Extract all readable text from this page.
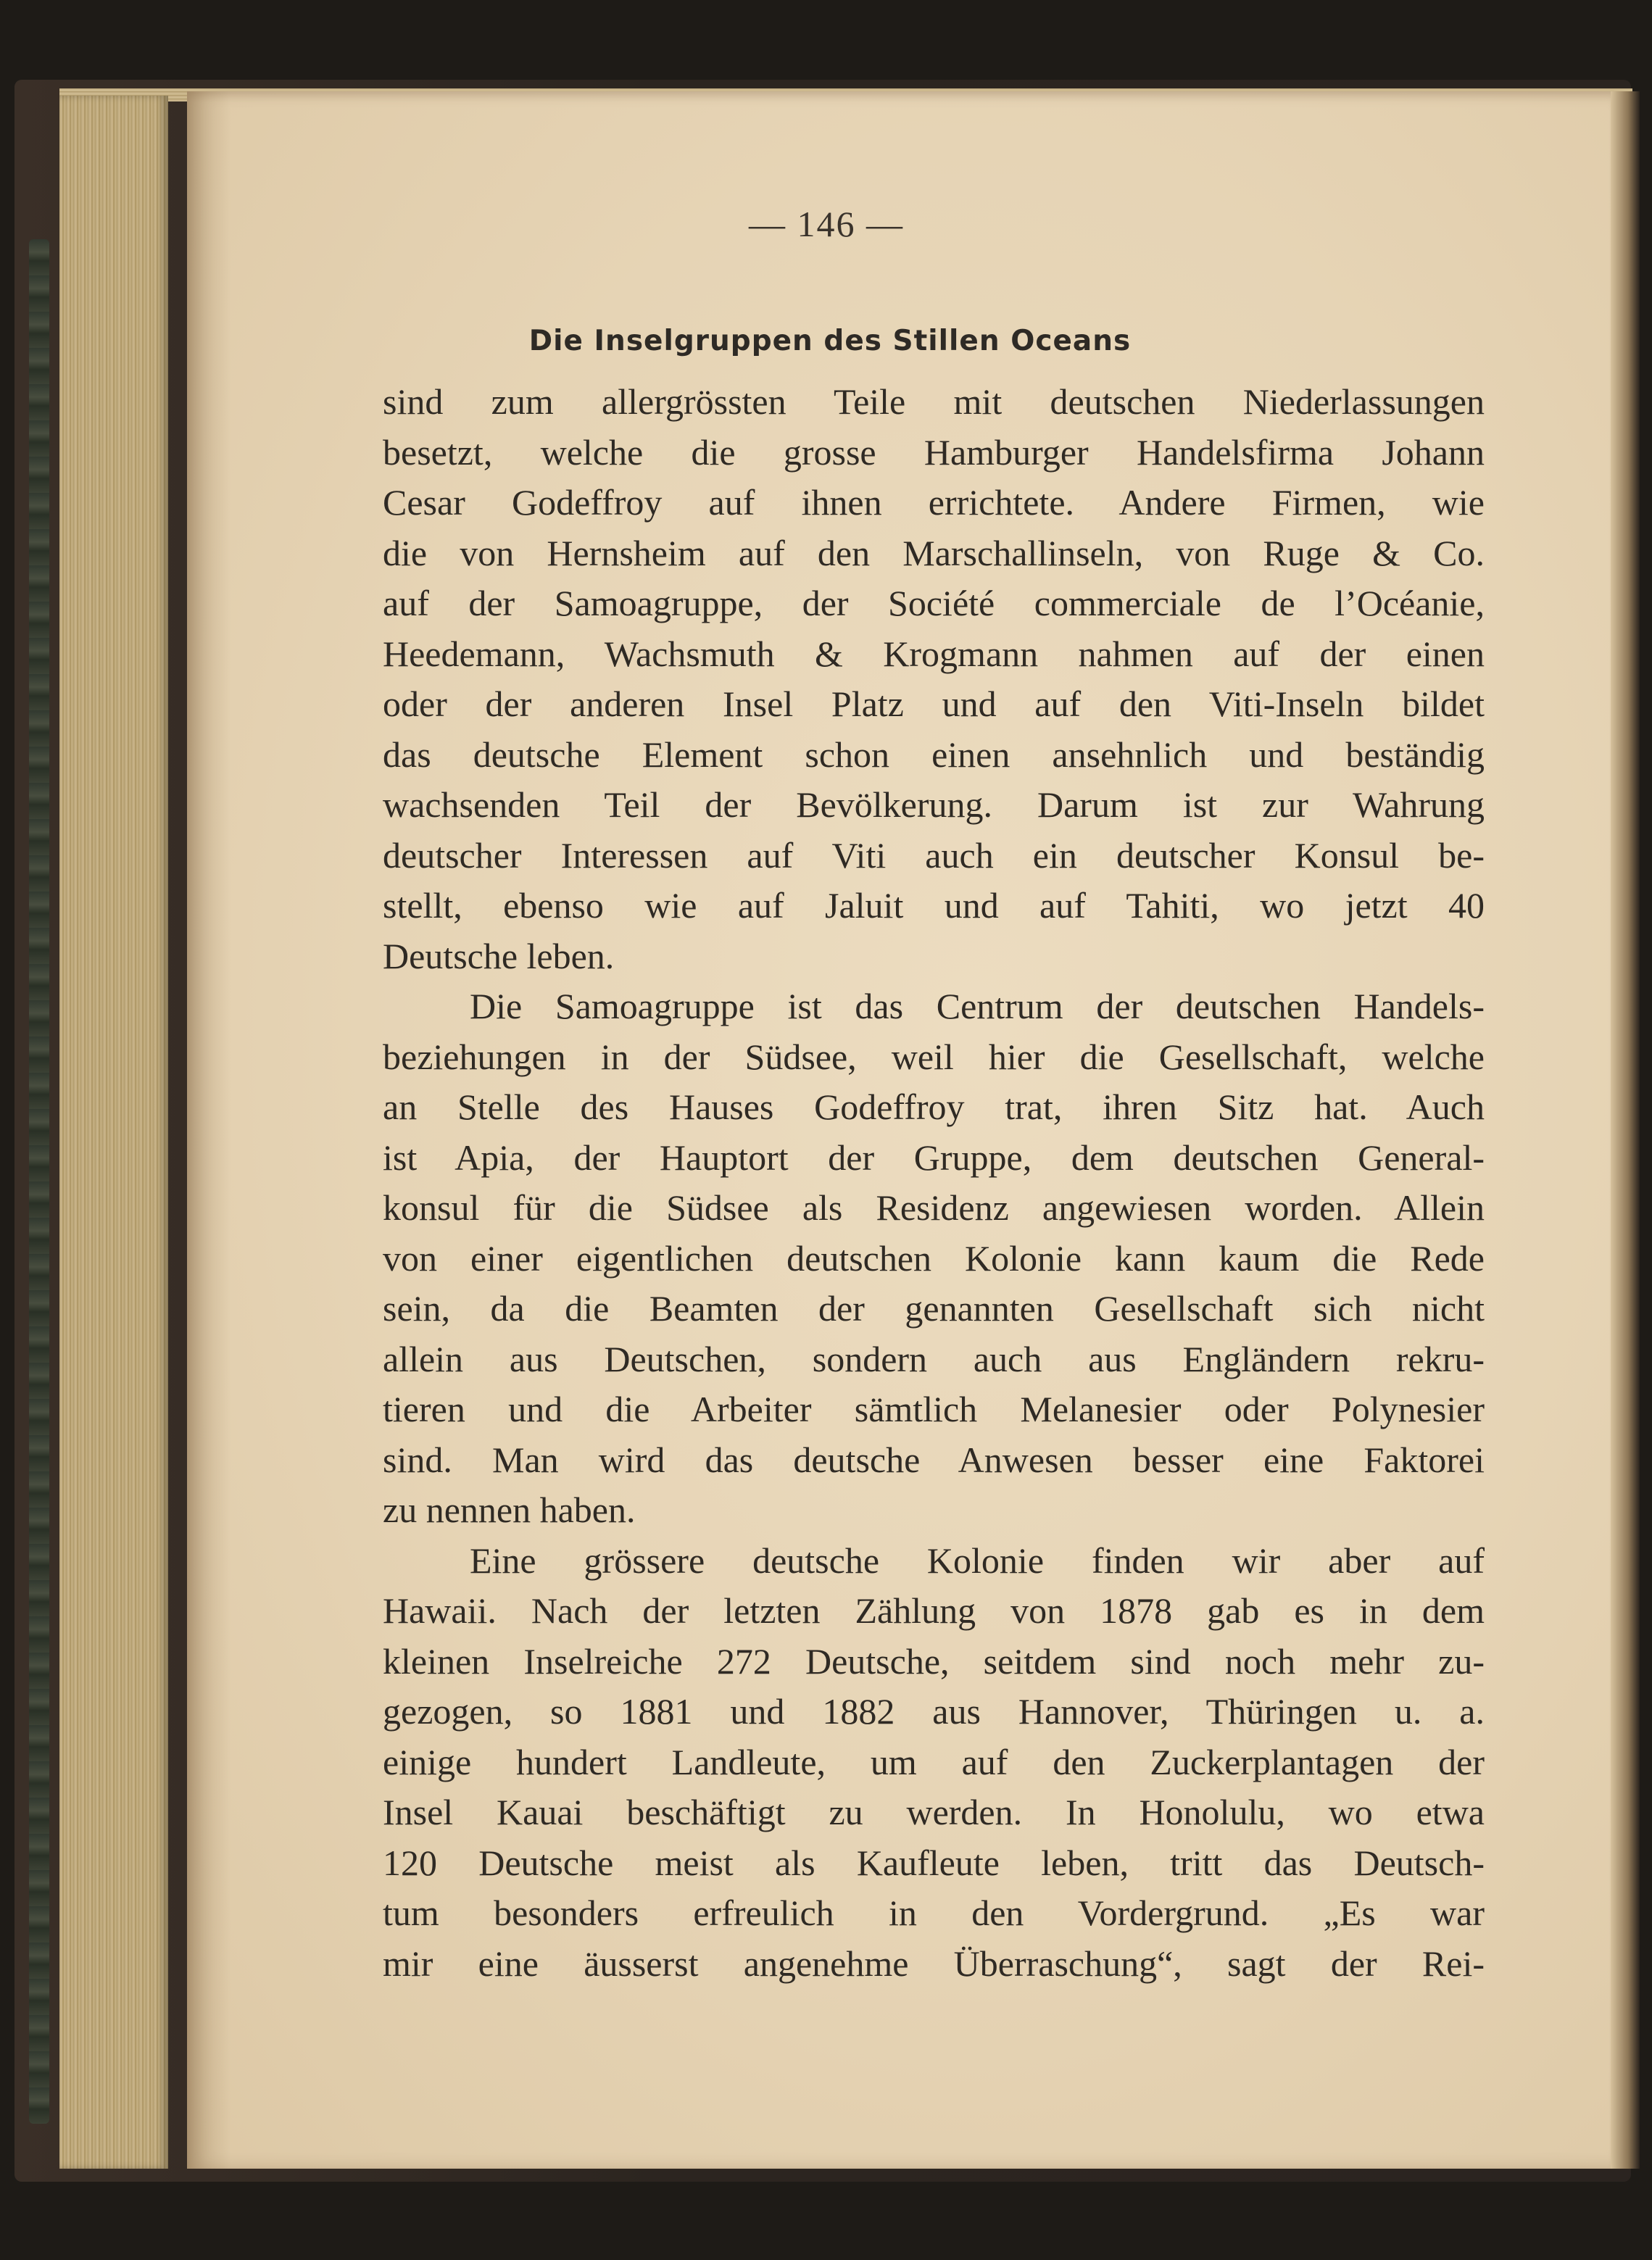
— 146 —
Die Inselgruppen des Stillen Oceans
sind zum allergrössten Teile mit deutschen Niederlassungen
besetzt, welche die grosse Hamburger Handelsfirma Johann
Cesar Godeffroy auf ihnen errichtete. Andere Firmen, wie
die von Hernsheim auf den Marschallinseln, von Ruge & Co.
auf der Samoagruppe, der Société commerciale de l’Océanie,
Heedemann, Wachsmuth & Krogmann nahmen auf der einen
oder der anderen Insel Platz und auf den Viti-Inseln bildet
das deutsche Element schon einen ansehnlich und beständig
wachsenden Teil der Bevölkerung. Darum ist zur Wahrung
deutscher Interessen auf Viti auch ein deutscher Konsul be-
stellt, ebenso wie auf Jaluit und auf Tahiti, wo jetzt 40
Deutsche leben.
Die Samoagruppe ist das Centrum der deutschen Handels-
beziehungen in der Südsee, weil hier die Gesellschaft, welche
an Stelle des Hauses Godeffroy trat, ihren Sitz hat. Auch
ist Apia, der Hauptort der Gruppe, dem deutschen General-
konsul für die Südsee als Residenz angewiesen worden. Allein
von einer eigentlichen deutschen Kolonie kann kaum die Rede
sein, da die Beamten der genannten Gesellschaft sich nicht
allein aus Deutschen, sondern auch aus Engländern rekru-
tieren und die Arbeiter sämtlich Melanesier oder Polynesier
sind. Man wird das deutsche Anwesen besser eine Faktorei
zu nennen haben.
Eine grössere deutsche Kolonie finden wir aber auf
Hawaii. Nach der letzten Zählung von 1878 gab es in dem
kleinen Inselreiche 272 Deutsche, seitdem sind noch mehr zu-
gezogen, so 1881 und 1882 aus Hannover, Thüringen u. a.
einige hundert Landleute, um auf den Zuckerplantagen der
Insel Kauai beschäftigt zu werden. In Honolulu, wo etwa
120 Deutsche meist als Kaufleute leben, tritt das Deutsch-
tum besonders erfreulich in den Vordergrund. „Es war
mir eine äusserst angenehme Überraschung“, sagt der Rei-
